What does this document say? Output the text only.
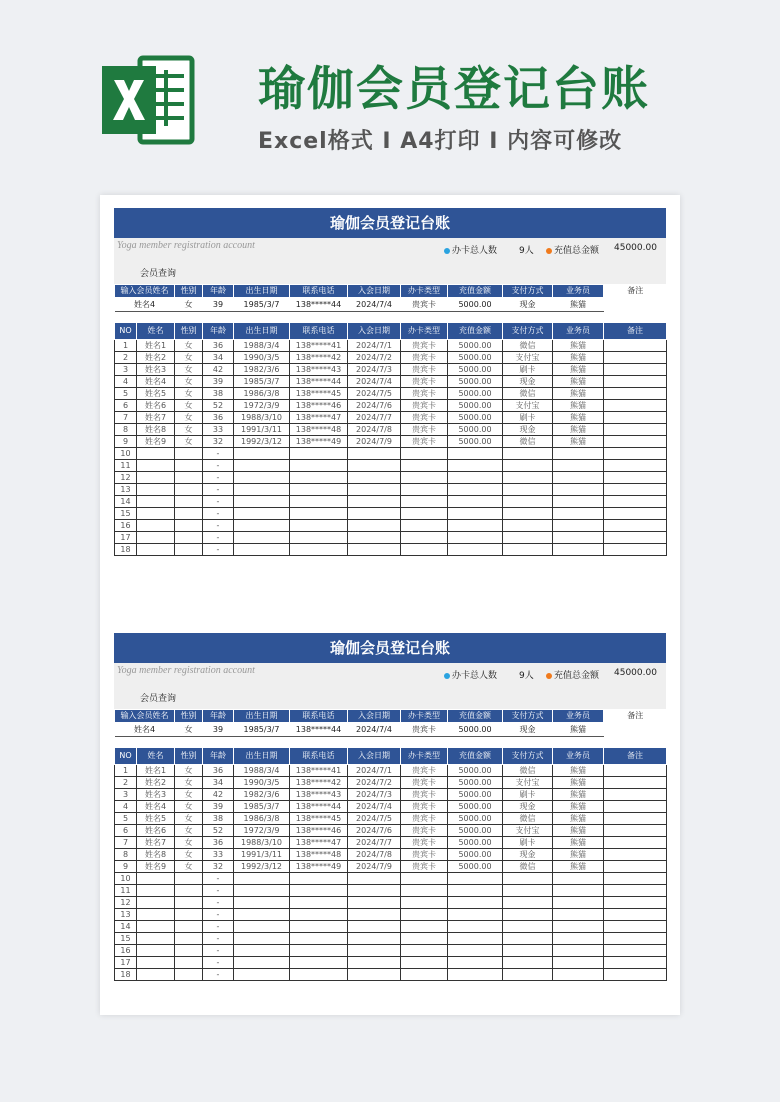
瑜伽会员登记台账
Excel格式 I A4打印 I 内容可修改
瑜伽会员登记台账
Yoga member registration account	办卡总人数 9人	充值总金额 45000.00
会员查询
输入会员姓名	性别	年龄	出生日期	联系电话	入会日期	办卡类型	充值金额	支付方式	业务员	备注
姓名4	女	39	1985/3/7	138*****44	2024/7/4	贵宾卡	5000.00	现金	熊猫	
NO	姓名	性别	年龄	出生日期	联系电话	入会日期	办卡类型	充值金额	支付方式	业务员	备注
1	姓名1	女	36	1988/3/4	138*****41	2024/7/1	贵宾卡	5000.00	微信	熊猫	
2	姓名2	女	34	1990/3/5	138*****42	2024/7/2	贵宾卡	5000.00	支付宝	熊猫	
3	姓名3	女	42	1982/3/6	138*****43	2024/7/3	贵宾卡	5000.00	刷卡	熊猫	
4	姓名4	女	39	1985/3/7	138*****44	2024/7/4	贵宾卡	5000.00	现金	熊猫	
5	姓名5	女	38	1986/3/8	138*****45	2024/7/5	贵宾卡	5000.00	微信	熊猫	
6	姓名6	女	52	1972/3/9	138*****46	2024/7/6	贵宾卡	5000.00	支付宝	熊猫	
7	姓名7	女	36	1988/3/10	138*****47	2024/7/7	贵宾卡	5000.00	刷卡	熊猫	
8	姓名8	女	33	1991/3/11	138*****48	2024/7/8	贵宾卡	5000.00	现金	熊猫	
9	姓名9	女	32	1992/3/12	138*****49	2024/7/9	贵宾卡	5000.00	微信	熊猫	
10			-								
11			-								
12			-								
13			-								
14			-								
15			-								
16			-								
17			-								
18			-								
瑜伽会员登记台账
Yoga member registration account	办卡总人数 9人	充值总金额 45000.00
会员查询
输入会员姓名	性别	年龄	出生日期	联系电话	入会日期	办卡类型	充值金额	支付方式	业务员	备注
姓名4	女	39	1985/3/7	138*****44	2024/7/4	贵宾卡	5000.00	现金	熊猫	
NO	姓名	性别	年龄	出生日期	联系电话	入会日期	办卡类型	充值金额	支付方式	业务员	备注
1	姓名1	女	36	1988/3/4	138*****41	2024/7/1	贵宾卡	5000.00	微信	熊猫	
2	姓名2	女	34	1990/3/5	138*****42	2024/7/2	贵宾卡	5000.00	支付宝	熊猫	
3	姓名3	女	42	1982/3/6	138*****43	2024/7/3	贵宾卡	5000.00	刷卡	熊猫	
4	姓名4	女	39	1985/3/7	138*****44	2024/7/4	贵宾卡	5000.00	现金	熊猫	
5	姓名5	女	38	1986/3/8	138*****45	2024/7/5	贵宾卡	5000.00	微信	熊猫	
6	姓名6	女	52	1972/3/9	138*****46	2024/7/6	贵宾卡	5000.00	支付宝	熊猫	
7	姓名7	女	36	1988/3/10	138*****47	2024/7/7	贵宾卡	5000.00	刷卡	熊猫	
8	姓名8	女	33	1991/3/11	138*****48	2024/7/8	贵宾卡	5000.00	现金	熊猫	
9	姓名9	女	32	1992/3/12	138*****49	2024/7/9	贵宾卡	5000.00	微信	熊猫	
10			-								
11			-								
12			-								
13			-								
14			-								
15			-								
16			-								
17			-								
18			-								
